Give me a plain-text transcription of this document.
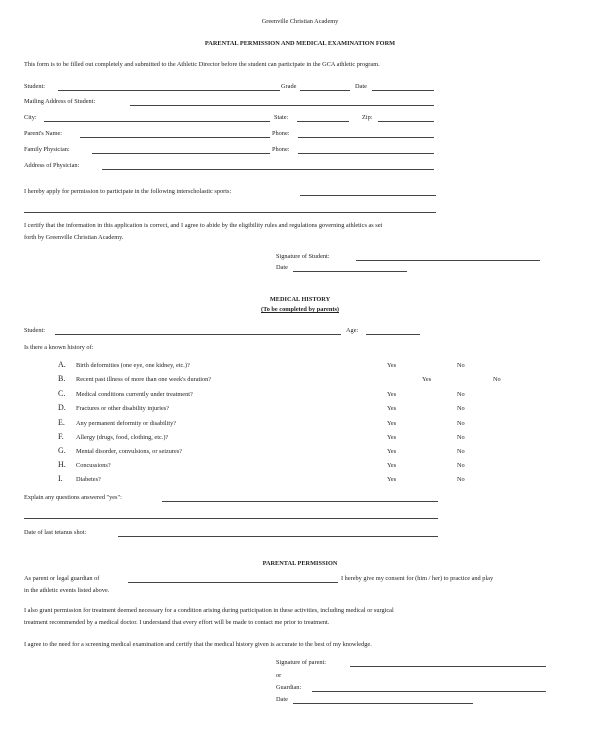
Greenville Christian Academy
PARENTAL PERMISSION AND MEDICAL EXAMINATION FORM
This form is to be filled out completely and submitted to the Athletic Director before the student can participate in the GCA athletic program.
Student:	Grade	Date
Mailing Address of Student:
City:	State:	Zip:
Parent's Name:	Phone:
Family Physician:	Phone:
Address of Physician:
I hereby apply for permission to participate in the following interscholastic sports:
I certify that the information in this application is correct, and I agree to abide by the eligibility rules and regulations governing athletics as set
forth by Greenville Christian Academy.
Signature of Student:
Date
MEDICAL HISTORY
(To be completed by parents)
Student:	Age:
Is there a known history of:
A. Birth deformities (one eye, one kidney, etc.)?	Yes	No
B. Recent past illness of more than one week's duration?	Yes	No
C. Medical conditions currently under treatment?	Yes	No
D. Fractures or other disability injuries?	Yes	No
E. Any permanent deformity or disability?	Yes	No
F. Allergy (drugs, food, clothing, etc.)?	Yes	No
G. Mental disorder, convulsions, or seizures?	Yes	No
H. Concussions?	Yes	No
I. Diabetes?	Yes	No
Explain any questions answered "yes":
Date of last tetanus shot:
PARENTAL PERMISSION
As parent or legal guardian of	I hereby give my consent for (him / her) to practice and play
in the athletic events listed above.
I also grant permission for treatment deemed necessary for a condition arising during participation in these activities, including medical or surgical
treatment recommended by a medical doctor. I understand that every effort will be made to contact me prior to treatment.
I agree to the need for a screening medical examination and certify that the medical history given is accurate to the best of my knowledge.
Signature of parent:
or
Guardian:
Date
